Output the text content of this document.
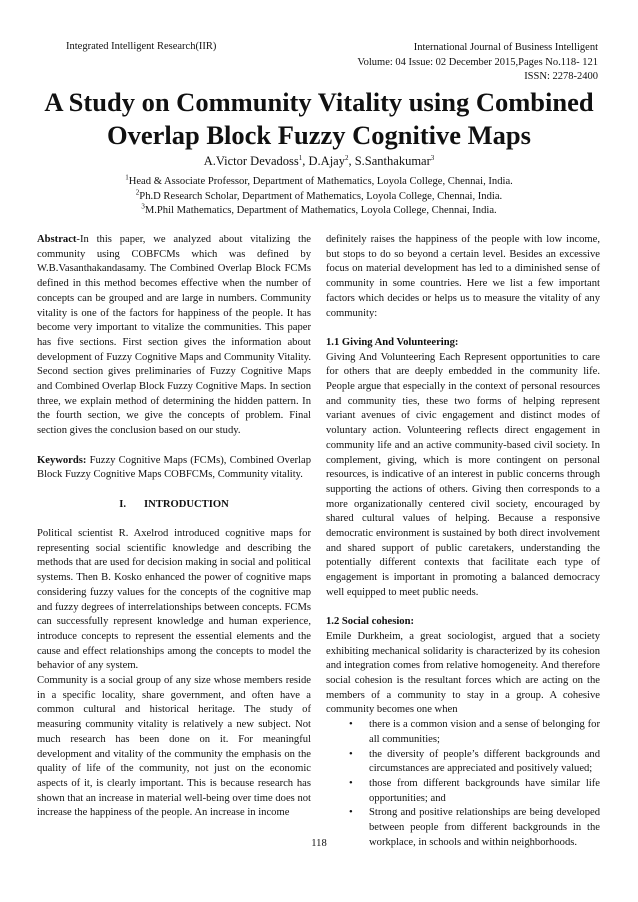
Integrated Intelligent Research(IIR)	International Journal of Business Intelligent
Volume: 04 Issue: 02 December 2015,Pages No.118- 121
ISSN: 2278-2400
A Study on Community Vitality using Combined
Overlap Block Fuzzy Cognitive Maps
A.Victor Devadoss$^1$, D.Ajay$^2$, S.Santhakumar$^3$
$^1$Head & Associate Professor, Department of Mathematics, Loyola College, Chennai, India.
$^2$Ph.D Research Scholar, Department of Mathematics, Loyola College, Chennai, India.
$^3$M.Phil Mathematics, Department of Mathematics, Loyola College, Chennai, India.

Abstract-In this paper, we analyzed about vitalizing the community using COBFCMs which was defined by W.B.Vasanthakandasamy. The Combined Overlap Block FCMs defined in this method becomes effective when the number of concepts can be grouped and are large in numbers. Community vitality is one of the factors for happiness of the people. It has become very important to vitalize the communities. This paper has five sections. First section gives the information about development of Fuzzy Cognitive Maps and Community Vitality. Second section gives preliminaries of Fuzzy Cognitive Maps and Combined Overlap Block Fuzzy Cognitive Maps. In section three, we explain method of determining the hidden pattern. In the fourth section, we give the concepts of problem. Final section gives the conclusion based on our study.

Keywords: Fuzzy Cognitive Maps (FCMs), Combined Overlap Block Fuzzy Cognitive Maps COBFCMs, Community vitality.

I. INTRODUCTION

Political scientist R. Axelrod introduced cognitive maps for representing social scientific knowledge and describing the methods that are used for decision making in social and political systems. Then B. Kosko enhanced the power of cognitive maps considering fuzzy values for the concepts of the cognitive map and fuzzy degrees of interrelationships between concepts. FCMs can successfully represent knowledge and human experience, introduce concepts to represent the essential elements and the cause and effect relationships among the concepts to model the behavior of any system.

Community is a social group of any size whose members reside in a specific locality, share government, and often have a common cultural and historical heritage. The study of measuring community vitality is relatively a new subject. Not much research has been done on it. For meaningful development and vitality of the community the emphasis on the quality of life of the community, not just on the economic aspects of it, is clearly important. This is because research has shown that an increase in material well-being over time does not increase the happiness of the people. An increase in income

definitely raises the happiness of the people with low income, but stops to do so beyond a certain level. Besides an excessive focus on material development has led to a diminished sense of community in some countries. Here we list a few important factors which decides or helps us to measure the vitality of any community:

1.1 Giving And Volunteering:

Giving And Volunteering Each Represent opportunities to care for others that are deeply embedded in the community life. People argue that especially in the context of personal resources and community ties, these two forms of helping represent variant avenues of civic engagement and distinct modes of voluntary action. Volunteering reflects direct engagement in community life and an active community-based civil society. In complement, giving, which is more contingent on personal resources, is indicative of an interest in public concerns through supporting the actions of others. Giving then corresponds to a more organizationally centered civil society, encouraged by shared cultural values of helping. Because a responsive democratic environment is sustained by both direct involvement and shared support of public caretakers, understanding the potentially different contexts that facilitate each type of engagement is important in promoting a balanced democracy well equipped to meet public needs.

1.2 Social cohesion:

Emile Durkheim, a great sociologist, argued that a society exhibiting mechanical solidarity is characterized by its cohesion and integration comes from relative homogeneity. And therefore social cohesion is the resultant forces which are acting on the members of a community to stay in a group. A cohesive community becomes one when

• there is a common vision and a sense of belonging for all communities;
• the diversity of people’s different backgrounds and circumstances are appreciated and positively valued;
• those from different backgrounds have similar life opportunities; and
• Strong and positive relationships are being developed between people from different backgrounds in the workplace, in schools and within neighborhoods.
118
